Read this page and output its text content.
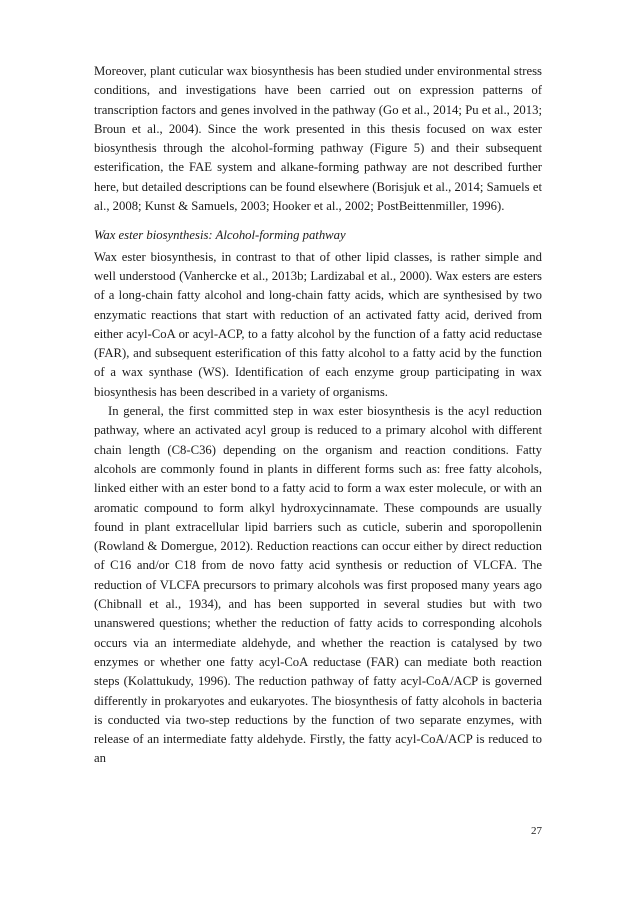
Moreover, plant cuticular wax biosynthesis has been studied under environmental stress conditions, and investigations have been carried out on expression patterns of transcription factors and genes involved in the pathway (Go et al., 2014; Pu et al., 2013; Broun et al., 2004). Since the work presented in this thesis focused on wax ester biosynthesis through the alcohol-forming pathway (Figure 5) and their subsequent esterification, the FAE system and alkane-forming pathway are not described further here, but detailed descriptions can be found elsewhere (Borisjuk et al., 2014; Samuels et al., 2008; Kunst & Samuels, 2003; Hooker et al., 2002; PostBeittenmiller, 1996).

Wax ester biosynthesis: Alcohol-forming pathway

Wax ester biosynthesis, in contrast to that of other lipid classes, is rather simple and well understood (Vanhercke et al., 2013b; Lardizabal et al., 2000). Wax esters are esters of a long-chain fatty alcohol and long-chain fatty acids, which are synthesised by two enzymatic reactions that start with reduction of an activated fatty acid, derived from either acyl-CoA or acyl-ACP, to a fatty alcohol by the function of a fatty acid reductase (FAR), and subsequent esterification of this fatty alcohol to a fatty acid by the function of a wax synthase (WS). Identification of each enzyme group participating in wax biosynthesis has been described in a variety of organisms.

In general, the first committed step in wax ester biosynthesis is the acyl reduction pathway, where an activated acyl group is reduced to a primary alcohol with different chain length (C8-C36) depending on the organism and reaction conditions. Fatty alcohols are commonly found in plants in different forms such as: free fatty alcohols, linked either with an ester bond to a fatty acid to form a wax ester molecule, or with an aromatic compound to form alkyl hydroxycinnamate. These compounds are usually found in plant extracellular lipid barriers such as cuticle, suberin and sporopollenin (Rowland & Domergue, 2012). Reduction reactions can occur either by direct reduction of C16 and/or C18 from de novo fatty acid synthesis or reduction of VLCFA. The reduction of VLCFA precursors to primary alcohols was first proposed many years ago (Chibnall et al., 1934), and has been supported in several studies but with two unanswered questions; whether the reduction of fatty acids to corresponding alcohols occurs via an intermediate aldehyde, and whether the reaction is catalysed by two enzymes or whether one fatty acyl-CoA reductase (FAR) can mediate both reaction steps (Kolattukudy, 1996). The reduction pathway of fatty acyl-CoA/ACP is governed differently in prokaryotes and eukaryotes. The biosynthesis of fatty alcohols in bacteria is conducted via two-step reductions by the function of two separate enzymes, with release of an intermediate fatty aldehyde. Firstly, the fatty acyl-CoA/ACP is reduced to an

27
